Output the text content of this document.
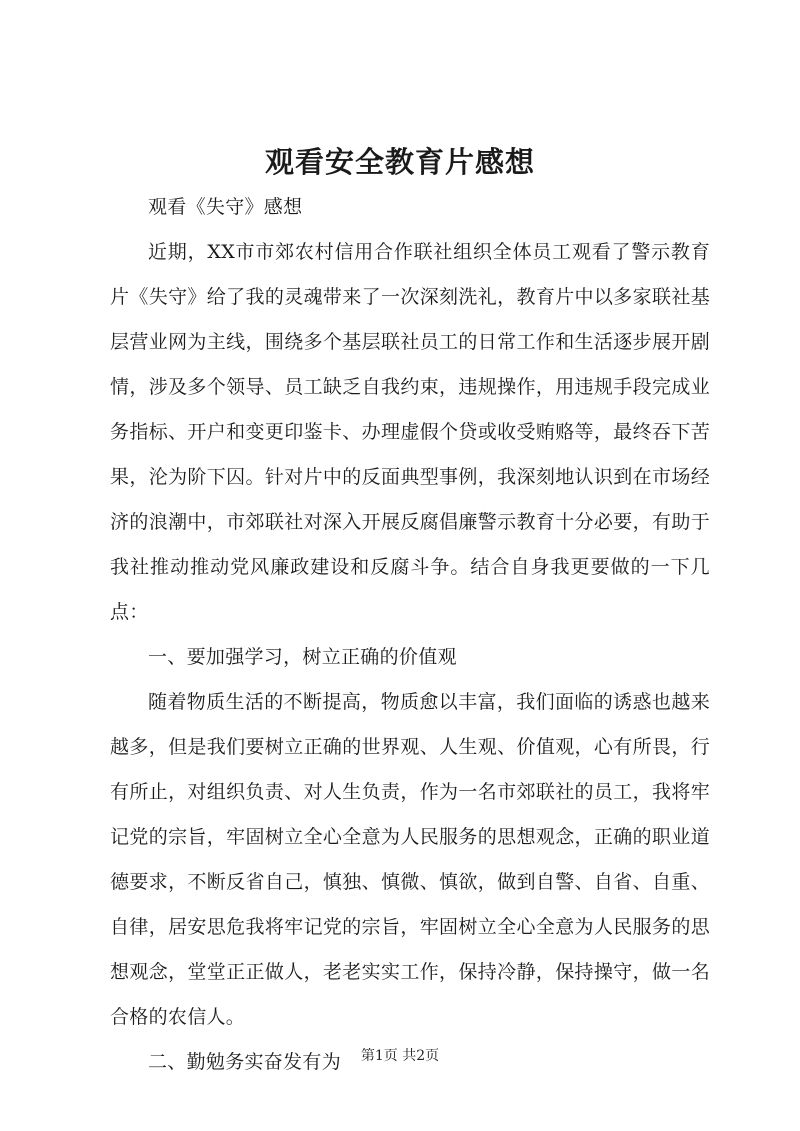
观看安全教育片感想

观看《失守》感想

近期，XX市市郊农村信用合作联社组织全体员工观看了警示教育片《失守》给了我的灵魂带来了一次深刻洗礼，教育片中以多家联社基层营业网为主线，围绕多个基层联社员工的日常工作和生活逐步展开剧情，涉及多个领导、员工缺乏自我约束，违规操作，用违规手段完成业务指标、开户和变更印鉴卡、办理虚假个贷或收受贿赂等，最终吞下苦果，沦为阶下囚。针对片中的反面典型事例，我深刻地认识到在市场经济的浪潮中，市郊联社对深入开展反腐倡廉警示教育十分必要，有助于我社推动推动党风廉政建设和反腐斗争。结合自身我更要做的一下几点：

一、要加强学习，树立正确的价值观

随着物质生活的不断提高，物质愈以丰富，我们面临的诱惑也越来越多，但是我们要树立正确的世界观、人生观、价值观，心有所畏，行有所止，对组织负责、对人生负责，作为一名市郊联社的员工，我将牢记党的宗旨，牢固树立全心全意为人民服务的思想观念，正确的职业道德要求，不断反省自己，慎独、慎微、慎欲，做到自警、自省、自重、自律，居安思危我将牢记党的宗旨，牢固树立全心全意为人民服务的思想观念，堂堂正正做人，老老实实工作，保持冷静，保持操守，做一名合格的农信人。

二、勤勉务实奋发有为	第1页 共2页
